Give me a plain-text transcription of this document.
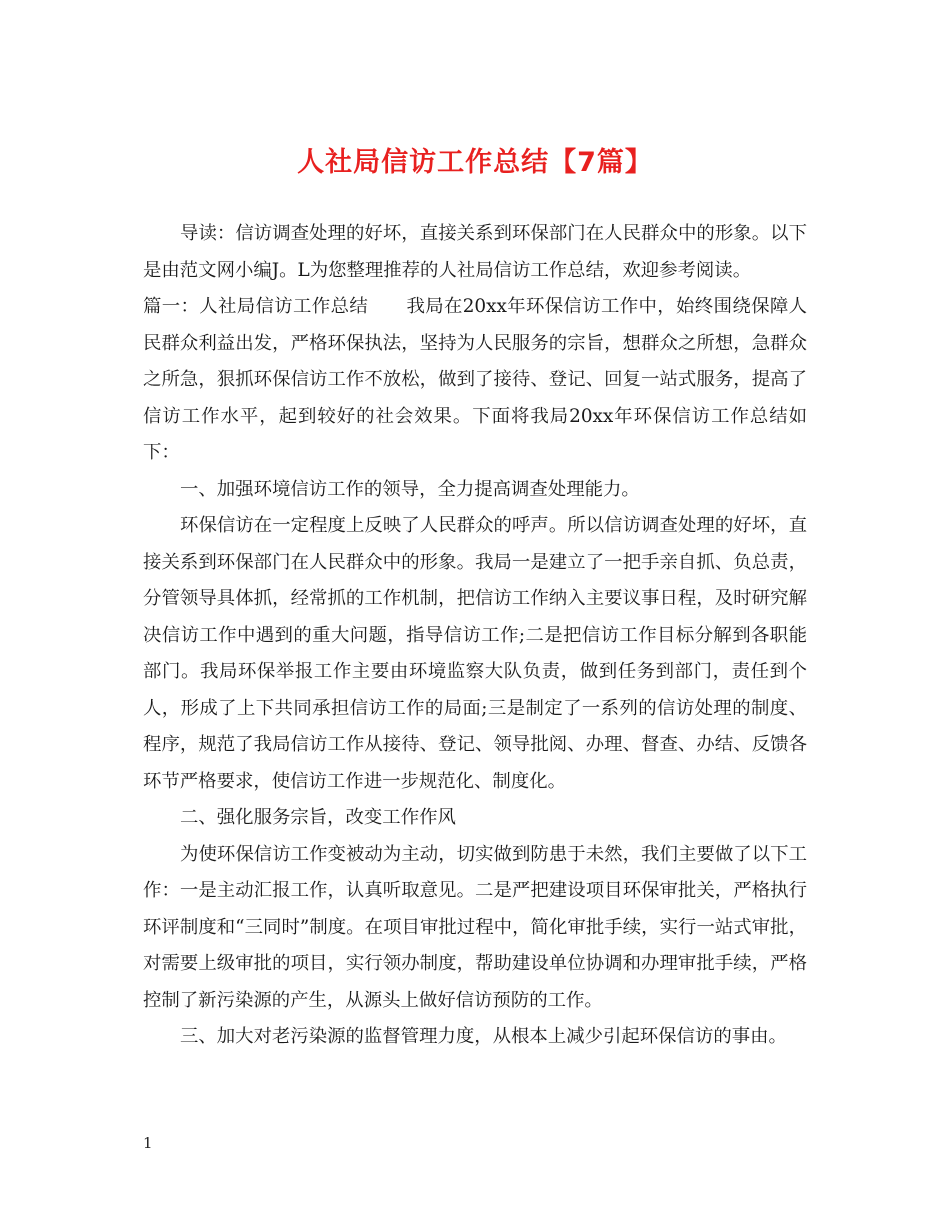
人社局信访工作总结【7篇】

导读：信访调查处理的好坏，直接关系到环保部门在人民群众中的形象。以下是由范文网小编J。L为您整理推荐的人社局信访工作总结，欢迎参考阅读。

篇一：人社局信访工作总结 我局在20xx年环保信访工作中，始终围绕保障人民群众利益出发，严格环保执法，坚持为人民服务的宗旨，想群众之所想，急群众之所急，狠抓环保信访工作不放松，做到了接待、登记、回复一站式服务，提高了信访工作水平，起到较好的社会效果。下面将我局20xx年环保信访工作总结如下：

一、加强环境信访工作的领导，全力提高调查处理能力。

环保信访在一定程度上反映了人民群众的呼声。所以信访调查处理的好坏，直接关系到环保部门在人民群众中的形象。我局一是建立了一把手亲自抓、负总责，分管领导具体抓，经常抓的工作机制，把信访工作纳入主要议事日程，及时研究解决信访工作中遇到的重大问题，指导信访工作;二是把信访工作目标分解到各职能部门。我局环保举报工作主要由环境监察大队负责，做到任务到部门，责任到个人，形成了上下共同承担信访工作的局面;三是制定了一系列的信访处理的制度、程序，规范了我局信访工作从接待、登记、领导批阅、办理、督查、办结、反馈各环节严格要求，使信访工作进一步规范化、制度化。

二、强化服务宗旨，改变工作作风

为使环保信访工作变被动为主动，切实做到防患于未然，我们主要做了以下工作：一是主动汇报工作，认真听取意见。二是严把建设项目环保审批关，严格执行环评制度和“三同时”制度。在项目审批过程中，简化审批手续，实行一站式审批，对需要上级审批的项目，实行领办制度，帮助建设单位协调和办理审批手续，严格控制了新污染源的产生，从源头上做好信访预防的工作。

三、加大对老污染源的监督管理力度，从根本上减少引起环保信访的事由。

1
